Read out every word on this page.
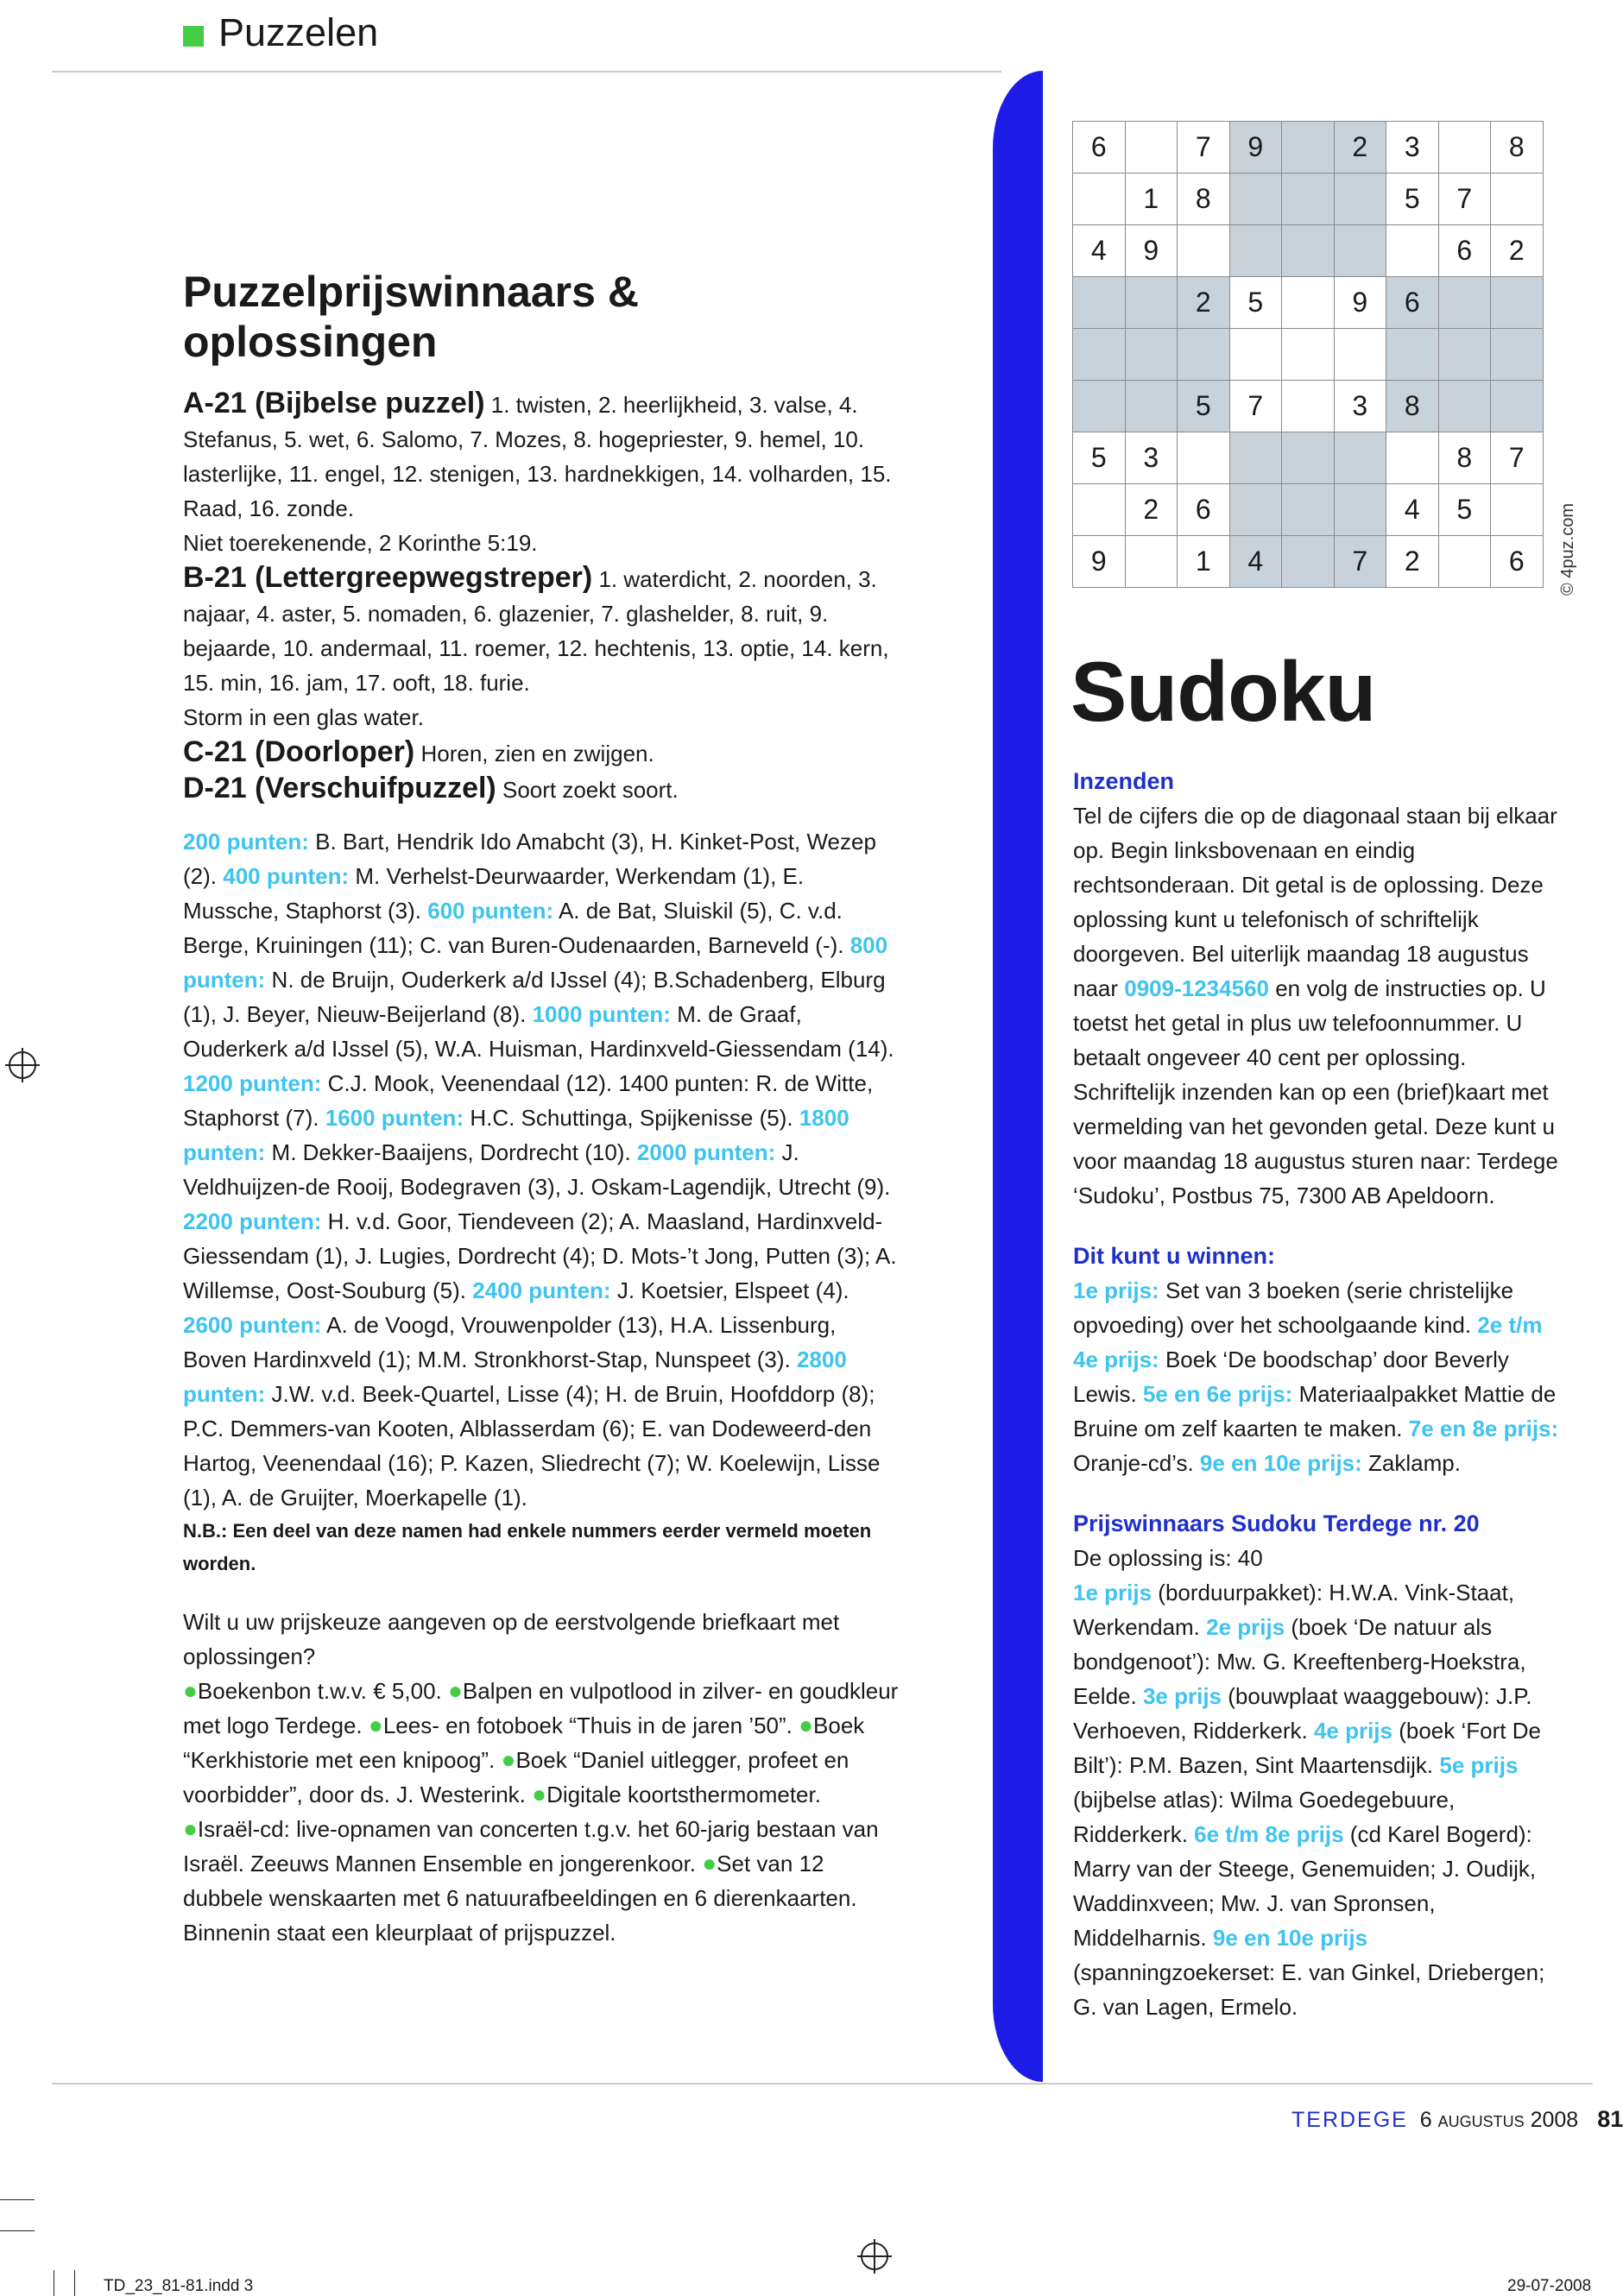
Puzzelen
Puzzelprijswinnaars & oplossingen

A-21 (Bijbelse puzzel) 1. twisten, 2. heerlijkheid, 3. valse, 4. Stefanus, 5. wet, 6. Salomo, 7. Mozes, 8. hogepriester, 9. hemel, 10. lasterlijke, 11. engel, 12. stenigen, 13. hardnekkigen, 14. volharden, 15. Raad, 16. zonde.

Niet toerekenende, 2 Korinthe 5:19.

B-21 (Lettergreepwegstreper) 1. waterdicht, 2. noorden, 3. najaar, 4. aster, 5. nomaden, 6. glazenier, 7. glashelder, 8. ruit, 9. bejaarde, 10. andermaal, 11. roemer, 12. hechtenis, 13. optie, 14. kern, 15. min, 16. jam, 17. ooft, 18. furie.

Storm in een glas water.

C-21 (Doorloper) Horen, zien en zwijgen.

D-21 (Verschuifpuzzel) Soort zoekt soort.

200 punten: B. Bart, Hendrik Ido Amabcht (3), H. Kinket-Post, Wezep (2). 400 punten: M. Verhelst-Deurwaarder, Werkendam (1), E. Mussche, Staphorst (3). 600 punten: A. de Bat, Sluiskil (5), C. v.d. Berge, Kruiningen (11); C. van Buren-Oudenaarden, Barneveld (-). 800 punten: N. de Bruijn, Ouderkerk a/d IJssel (4); B.Schadenberg, Elburg (1), J. Beyer, Nieuw-Beijerland (8). 1000 punten: M. de Graaf, Ouderkerk a/d IJssel (5), W.A. Huisman, Hardinxveld-Giessendam (14). 1200 punten: C.J. Mook, Veenendaal (12). 1400 punten: R. de Witte, Staphorst (7). 1600 punten: H.C. Schuttinga, Spijkenisse (5). 1800 punten: M. Dekker-Baaijens, Dordrecht (10). 2000 punten: J. Veldhuijzen-de Rooij, Bodegraven (3), J. Oskam-Lagendijk, Utrecht (9). 2200 punten: H. v.d. Goor, Tiendeveen (2); A. Maasland, Hardinxveld-Giessendam (1), J. Lugies, Dordrecht (4); D. Mots-’t Jong, Putten (3); A. Willemse, Oost-Souburg (5). 2400 punten: J. Koetsier, Elspeet (4). 2600 punten: A. de Voogd, Vrouwenpolder (13), H.A. Lissenburg, Boven Hardinxveld (1); M.M. Stronkhorst-Stap, Nunspeet (3). 2800 punten: J.W. v.d. Beek-Quartel, Lisse (4); H. de Bruin, Hoofddorp (8); P.C. Demmers-van Kooten, Alblasserdam (6); E. van Dodeweerd-den Hartog, Veenendaal (16); P. Kazen, Sliedrecht (7); W. Koelewijn, Lisse (1), A. de Gruijter, Moerkapelle (1).

N.B.: Een deel van deze namen had enkele nummers eerder vermeld moeten worden.

Wilt u uw prijskeuze aangeven op de eerstvolgende briefkaart met oplossingen?

●Boekenbon t.w.v. € 5,00. ●Balpen en vulpotlood in zilver- en goudkleur met logo Terdege. ●Lees- en fotoboek “Thuis in de jaren ’50”. ●Boek “Kerkhistorie met een knipoog”. ●Boek “Daniel uitlegger, profeet en voorbidder”, door ds. J. Westerink. ●Digitale koortsthermometer. ●Israël-cd: live-opnamen van concerten t.g.v. het 60-jarig bestaan van Israël. Zeeuws Mannen Ensemble en jongerenkoor. ●Set van 12 dubbele wenskaarten met 6 natuurafbeeldingen en 6 dierenkaarten. Binnenin staat een kleurplaat of prijspuzzel.

6		7	9		2	3		8
	1	8				5	7	
4	9						6	2
		2	5		9	6		

		5	7		3	8		
5	3						8	7
	2	6				4	5	
9		1	4		7	2		6 © 4puz.com
Sudoku

Inzenden

Tel de cijfers die op de diagonaal staan bij elkaar op. Begin linksbovenaan en eindig rechtsonderaan. Dit getal is de oplossing. Deze oplossing kunt u telefonisch of schriftelijk doorgeven. Bel uiterlijk maandag 18 augustus naar 0909-1234560 en volg de instructies op. U toetst het getal in plus uw telefoonnummer. U betaalt ongeveer 40 cent per oplossing. Schriftelijk inzenden kan op een (brief)kaart met vermelding van het gevonden getal. Deze kunt u voor maandag 18 augustus sturen naar: Terdege ‘Sudoku’, Postbus 75, 7300 AB Apeldoorn.

Dit kunt u winnen:

1e prijs: Set van 3 boeken (serie christelijke opvoeding) over het schoolgaande kind. 2e t/m 4e prijs: Boek ‘De boodschap’ door Beverly Lewis. 5e en 6e prijs: Materiaalpakket Mattie de Bruine om zelf kaarten te maken. 7e en 8e prijs: Oranje-cd’s. 9e en 10e prijs: Zaklamp.

Prijswinnaars Sudoku Terdege nr. 20

De oplossing is: 40

1e prijs (borduurpakket): H.W.A. Vink-Staat, Werkendam. 2e prijs (boek ‘De natuur als bondgenoot’): Mw. G. Kreeftenberg-Hoekstra, Eelde. 3e prijs (bouwplaat waaggebouw): J.P. Verhoeven, Ridderkerk. 4e prijs (boek ‘Fort De Bilt’): P.M. Bazen, Sint Maartensdijk. 5e prijs (bijbelse atlas): Wilma Goedegebuure, Ridderkerk. 6e t/m 8e prijs (cd Karel Bogerd): Marry van der Steege, Genemuiden; J. Oudijk, Waddinxveen; Mw. J. van Spronsen, Middelharnis. 9e en 10e prijs (spanningzoekerset: E. van Ginkel, Driebergen; G. van Lagen, Ermelo.

TERDEGE 6 augustus 2008 81
TD_23_81-81.indd 3	29-07-2008
